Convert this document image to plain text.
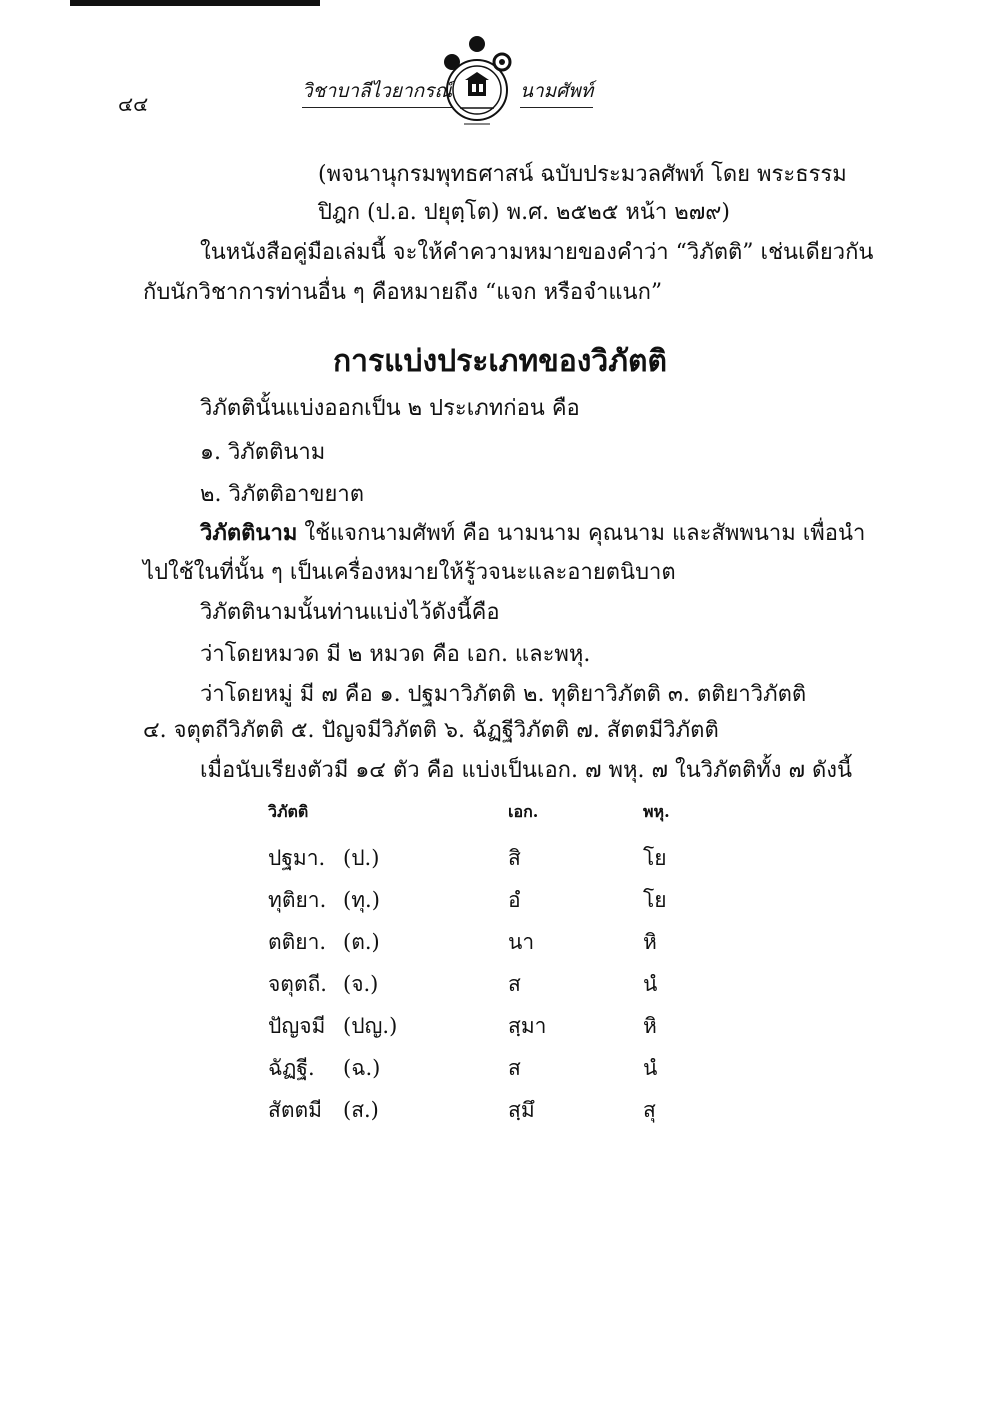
๔๔
วิชาบาลีไวยากรณ์	นามศัพท์
(พจนานุกรมพุทธศาสน์ ฉบับประมวลศัพท์ โดย พระธรรม
ปิฎก (ป.อ. ปยุตฺโต) พ.ศ. ๒๕๒๕ หน้า ๒๗๙)
ในหนังสือคู่มือเล่มนี้ จะให้คำความหมายของคำว่า “วิภัตติ” เช่นเดียวกัน
กับนักวิชาการท่านอื่น ๆ คือหมายถึง “แจก หรือจำแนก”
การแบ่งประเภทของวิภัตติ
วิภัตตินั้นแบ่งออกเป็น ๒ ประเภทก่อน คือ
๑. วิภัตตินาม
๒. วิภัตติอาขยาต
วิภัตตินาม ใช้แจกนามศัพท์ คือ นามนาม คุณนาม และสัพพนาม เพื่อนำ
ไปใช้ในที่นั้น ๆ เป็นเครื่องหมายให้รู้วจนะและอายตนิบาต
วิภัตตินามนั้นท่านแบ่งไว้ดังนี้คือ
ว่าโดยหมวด มี ๒ หมวด คือ เอก. และพหุ.
ว่าโดยหมู่ มี ๗ คือ ๑. ปฐมาวิภัตติ ๒. ทุติยาวิภัตติ ๓. ตติยาวิภัตติ
๔. จตุตถีวิภัตติ ๕. ปัญจมีวิภัตติ ๖. ฉัฏฐีวิภัตติ ๗. สัตตมีวิภัตติ
เมื่อนับเรียงตัวมี ๑๔ ตัว คือ แบ่งเป็นเอก. ๗ พหุ. ๗ ในวิภัตติทั้ง ๗ ดังนี้
วิภัตติ	เอก.	พหุ.
ปฐมา. (ป.)	สิ	โย
ทุติยา. (ทุ.)	อํ	โย
ตติยา. (ต.)	นา	หิ
จตุตถี. (จ.)	ส	นํ
ปัญจมี (ปญ.)	สฺมา	หิ
ฉัฏฐี. (ฉ.)	ส	นํ
สัตตมี (ส.)	สฺมึ	สุ
